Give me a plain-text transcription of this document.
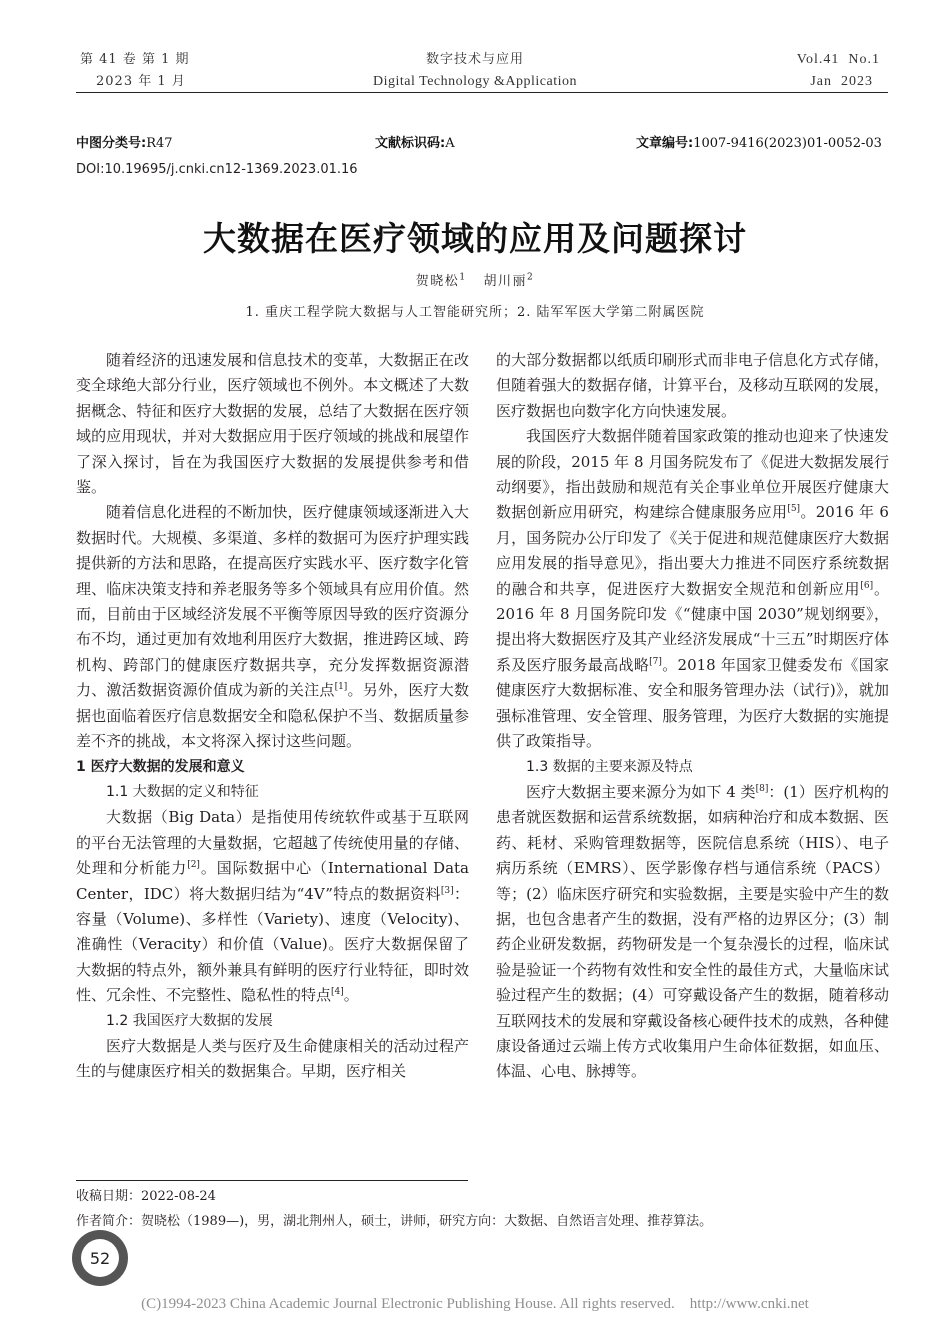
第 41 卷 第 1 期
2023 年 1 月
数字技术与应用
Digital Technology &Application
Vol.41  No.1
Jan  2023
中图分类号:R47	文献标识码:A	文章编号:1007-9416(2023)01-0052-03
DOI:10.19695/j.cnki.cn12-1369.2023.01.16
大数据在医疗领域的应用及问题探讨
贺晓松$^1$ 胡川丽$^2$
1. 重庆工程学院大数据与人工智能研究所；2. 陆军军医大学第二附属医院

随着经济的迅速发展和信息技术的变革，大数据正在改变全球绝大部分行业，医疗领域也不例外。本文概述了大数据概念、特征和医疗大数据的发展，总结了大数据在医疗领域的应用现状，并对大数据应用于医疗领域的挑战和展望作了深入探讨，旨在为我国医疗大数据的发展提供参考和借鉴。

随着信息化进程的不断加快，医疗健康领域逐渐进入大数据时代。大规模、多渠道、多样的数据可为医疗护理实践提供新的方法和思路，在提高医疗实践水平、医疗数字化管理、临床决策支持和养老服务等多个领域具有应用价值。然而，目前由于区域经济发展不平衡等原因导致的医疗资源分布不均，通过更加有效地利用医疗大数据，推进跨区域、跨机构、跨部门的健康医疗数据共享，充分发挥数据资源潜力、激活数据资源价值成为新的关注点[1]。另外，医疗大数据也面临着医疗信息数据安全和隐私保护不当、数据质量参差不齐的挑战，本文将深入探讨这些问题。

1 医疗大数据的发展和意义
1.1 大数据的定义和特征

大数据（Big Data）是指使用传统软件或基于互联网的平台无法管理的大量数据，它超越了传统使用量的存储、处理和分析能力[2]。国际数据中心（International Data Center，IDC）将大数据归结为“4V”特点的数据资料[3]：容量（Volume)、多样性（Variety)、速度（Velocity)、准确性（Veracity）和价值（Value)。医疗大数据保留了大数据的特点外，额外兼具有鲜明的医疗行业特征，即时效性、冗余性、不完整性、隐私性的特点[4]。

1.2 我国医疗大数据的发展

医疗大数据是人类与医疗及生命健康相关的活动过程产生的与健康医疗相关的数据集合。早期，医疗相关

的大部分数据都以纸质印刷形式而非电子信息化方式存储，但随着强大的数据存储，计算平台，及移动互联网的发展，医疗数据也向数字化方向快速发展。

我国医疗大数据伴随着国家政策的推动也迎来了快速发展的阶段，2015 年 8 月国务院发布了《促进大数据发展行动纲要》，指出鼓励和规范有关企事业单位开展医疗健康大数据创新应用研究，构建综合健康服务应用[5]。2016 年 6 月，国务院办公厅印发了《关于促进和规范健康医疗大数据应用发展的指导意见》，指出要大力推进不同医疗系统数据的融合和共享，促进医疗大数据安全规范和创新应用[6]。2016 年 8 月国务院印发《“健康中国 2030”规划纲要》，提出将大数据医疗及其产业经济发展成“十三五”时期医疗体系及医疗服务最高战略[7]。2018 年国家卫健委发布《国家健康医疗大数据标准、安全和服务管理办法（试行)》，就加强标准管理、安全管理、服务管理，为医疗大数据的实施提供了政策指导。

1.3 数据的主要来源及特点

医疗大数据主要来源分为如下 4 类[8]：(1）医疗机构的患者就医数据和运营系统数据，如病种治疗和成本数据、医药、耗材、采购管理数据等，医院信息系统（HIS）、电子病历系统（EMRS）、医学影像存档与通信系统（PACS）等；(2）临床医疗研究和实验数据，主要是实验中产生的数据，也包含患者产生的数据，没有严格的边界区分；(3）制药企业研发数据，药物研发是一个复杂漫长的过程，临床试验是验证一个药物有效性和安全性的最佳方式，大量临床试验过程产生的数据；(4）可穿戴设备产生的数据，随着移动互联网技术的发展和穿戴设备核心硬件技术的成熟，各种健康设备通过云端上传方式收集用户生命体征数据，如血压、体温、心电、脉搏等。

收稿日期：2022-08-24
作者简介：贺晓松（1989—)，男，湖北荆州人，硕士，讲师，研究方向：大数据、自然语言处理、推荐算法。
52
(C)1994-2023 China Academic Journal Electronic Publishing House. All rights reserved.    http://www.cnki.net
